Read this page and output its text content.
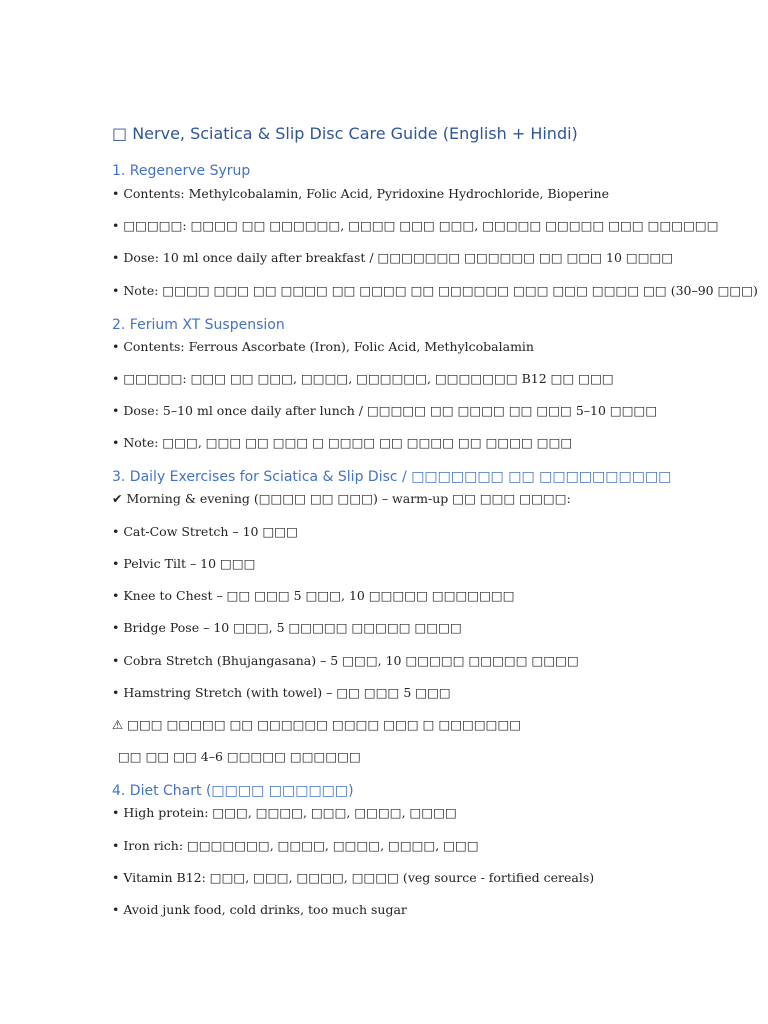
□ Nerve, Sciatica & Slip Disc Care Guide (English + Hindi)
1. Regenerve Syrup
• Contents: Methylcobalamin, Folic Acid, Pyridoxine Hydrochloride, Bioperine
• □□□□□: □□□□ □□ □□□□□□, □□□□ □□□ □□□, □□□□□ □□□□□ □□□ □□□□□□
• Dose: 10 ml once daily after breakfast / □□□□□□□ □□□□□□ □□ □□□ 10 □□□□
• Note: □□□□ □□□ □□ □□□□ □□ □□□□ □□ □□□□□□ □□□ □□□ □□□□ □□ (30–90 □□□)
2. Ferium XT Suspension
• Contents: Ferrous Ascorbate (Iron), Folic Acid, Methylcobalamin
• □□□□□: □□□ □□ □□□, □□□□, □□□□□□, □□□□□□□ B12 □□ □□□
• Dose: 5–10 ml once daily after lunch / □□□□□ □□ □□□□ □□ □□□ 5–10 □□□□
• Note: □□□, □□□ □□ □□□ □ □□□□ □□ □□□□ □□ □□□□ □□□
3. Daily Exercises for Sciatica & Slip Disc / □□□□□□□ □□ □□□□□□□□□□
✔ Morning & evening (□□□□ □□ □□□) – warm-up □□ □□□ □□□□:
• Cat-Cow Stretch – 10 □□□
• Pelvic Tilt – 10 □□□
• Knee to Chest – □□ □□□ 5 □□□, 10 □□□□□ □□□□□□□
• Bridge Pose – 10 □□□, 5 □□□□□ □□□□□ □□□□
• Cobra Stretch (Bhujangasana) – 5 □□□, 10 □□□□□ □□□□□ □□□□
• Hamstring Stretch (with towel) – □□ □□□ 5 □□□
⚠ □□□ □□□□□ □□ □□□□□□ □□□□ □□□ □ □□□□□□□
□□ □□ □□ 4–6 □□□□□ □□□□□□
4. Diet Chart (□□□□ □□□□□□)
• High protein: □□□, □□□□, □□□, □□□□, □□□□
• Iron rich: □□□□□□□, □□□□, □□□□, □□□□, □□□
• Vitamin B12: □□□, □□□, □□□□, □□□□ (veg source - fortified cereals)
• Avoid junk food, cold drinks, too much sugar
